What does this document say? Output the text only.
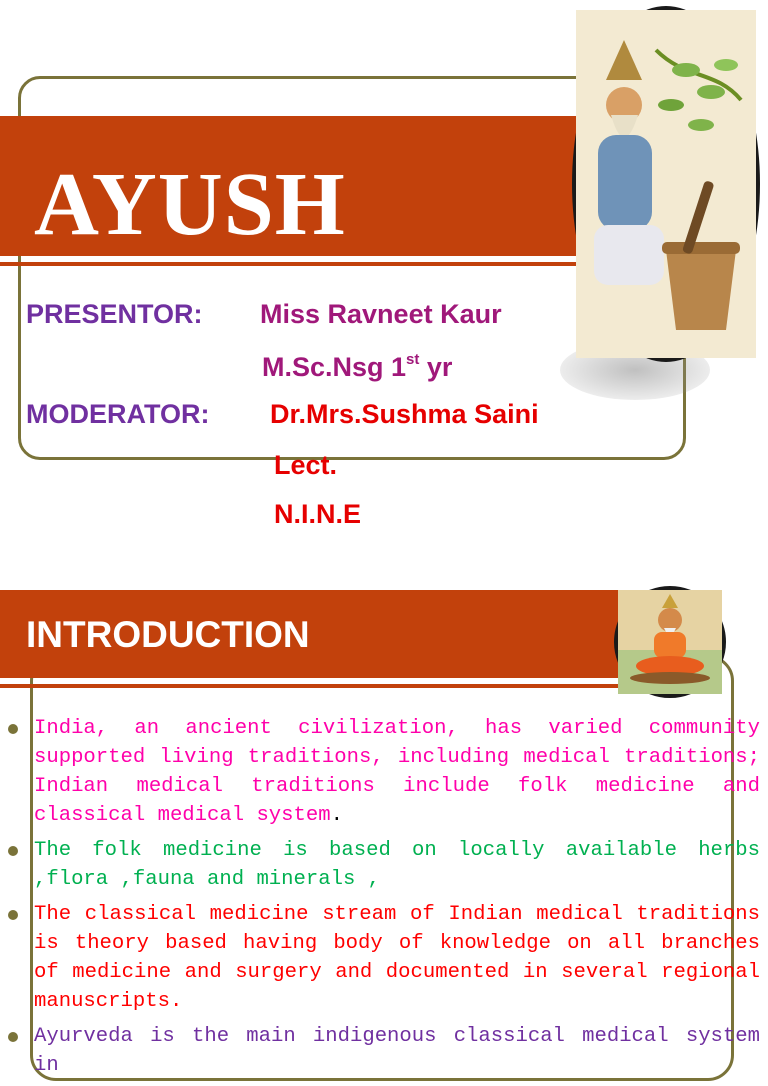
AYUSH
PRESENTOR: Miss Ravneet Kaur
M.Sc.Nsg 1st yr
MODERATOR: Dr.Mrs.Sushma Saini
Lect.
N.I.N.E
INTRODUCTION
India, an ancient civilization, has varied community supported living traditions, including medical traditions; Indian medical traditions include folk medicine and classical medical system.
The folk medicine is based on locally available herbs ,flora ,fauna and minerals ,
The classical medicine stream of Indian medical traditions is theory based having body of knowledge on all branches of medicine and surgery and documented in several regional manuscripts.
Ayurveda is the main indigenous classical medical system in
